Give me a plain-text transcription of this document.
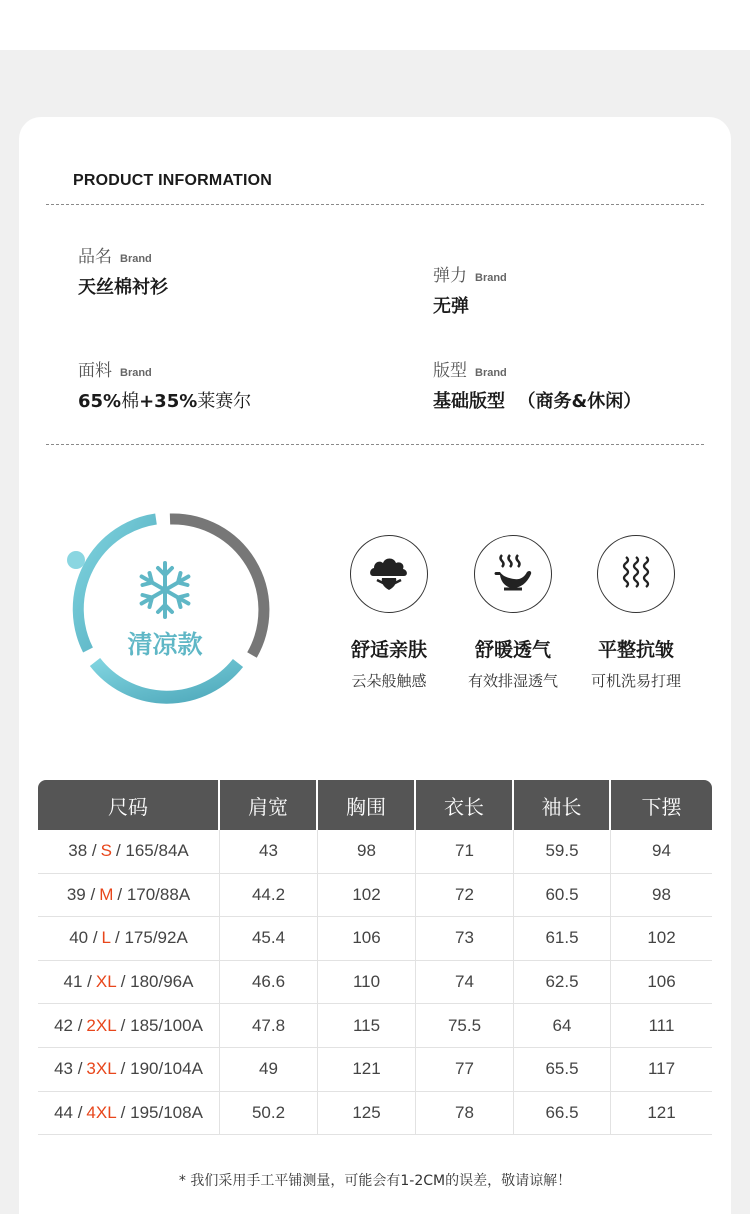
PRODUCT INFORMATION
品名 Brand
天丝棉衬衫
弹力 Brand
无弹
面料 Brand
65%棉+35%莱赛尔
版型 Brand
基础版型  （商务&休闲）
清凉款	舒适亲肤
云朵般触感
舒暖透气
有效排湿透气
平整抗皱
可机洗易打理
尺码	肩宽	胸围	衣长	袖长	下摆
38 / S / 165/84A	43	98	71	59.5	94
39 / M / 170/88A	44.2	102	72	60.5	98
40 / L / 175/92A	45.4	106	73	61.5	102
41 / XL / 180/96A	46.6	110	74	62.5	106
42 / 2XL / 185/100A	47.8	115	75.5	64	111
43 / 3XL / 190/104A	49	121	77	65.5	117
44 / 4XL / 195/108A	50.2	125	78	66.5	121
* 我们采用手工平铺测量，可能会有1-2CM的误差，敬请谅解！
